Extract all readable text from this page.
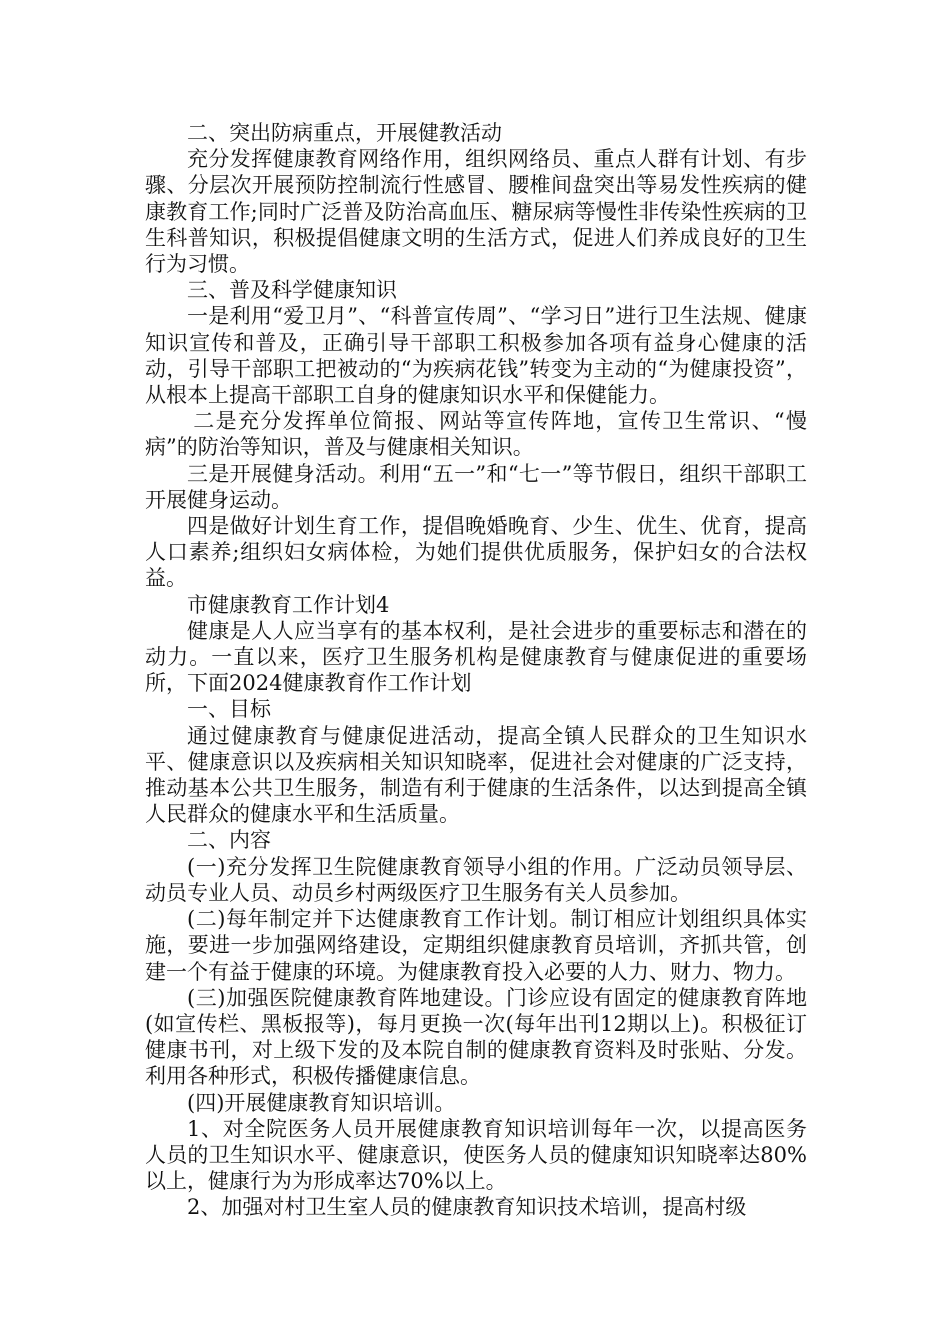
二、突出防病重点，开展健教活动

充分发挥健康教育网络作用，组织网络员、重点人群有计划、有步骤、分层次开展预防控制流行性感冒、腰椎间盘突出等易发性疾病的健康教育工作;同时广泛普及防治高血压、糖尿病等慢性非传染性疾病的卫生科普知识，积极提倡健康文明的生活方式，促进人们养成良好的卫生行为习惯。

三、普及科学健康知识

一是利用“爱卫月”、“科普宣传周”、“学习日”进行卫生法规、健康知识宣传和普及，正确引导干部职工积极参加各项有益身心健康的活动，引导干部职工把被动的“为疾病花钱”转变为主动的“为健康投资”，从根本上提高干部职工自身的健康知识水平和保健能力。

二是充分发挥单位简报、网站等宣传阵地，宣传卫生常识、“慢病”的防治等知识，普及与健康相关知识。

三是开展健身活动。利用“五一”和“七一”等节假日，组织干部职工开展健身运动。

四是做好计划生育工作，提倡晚婚晚育、少生、优生、优育，提高人口素养;组织妇女病体检，为她们提供优质服务，保护妇女的合法权益。

市健康教育工作计划4

健康是人人应当享有的基本权利，是社会进步的重要标志和潜在的动力。一直以来，医疗卫生服务机构是健康教育与健康促进的重要场所，下面2024健康教育作工作计划

一、目标

通过健康教育与健康促进活动，提高全镇人民群众的卫生知识水平、健康意识以及疾病相关知识知晓率，促进社会对健康的广泛支持，推动基本公共卫生服务，制造有利于健康的生活条件，以达到提高全镇人民群众的健康水平和生活质量。

二、内容

(一)充分发挥卫生院健康教育领导小组的作用。广泛动员领导层、动员专业人员、动员乡村两级医疗卫生服务有关人员参加。

(二)每年制定并下达健康教育工作计划。制订相应计划组织具体实施，要进一步加强网络建设，定期组织健康教育员培训，齐抓共管，创建一个有益于健康的环境。为健康教育投入必要的人力、财力、物力。

(三)加强医院健康教育阵地建设。门诊应设有固定的健康教育阵地(如宣传栏、黑板报等)，每月更换一次(每年出刊12期以上)。积极征订健康书刊，对上级下发的及本院自制的健康教育资料及时张贴、分发。利用各种形式，积极传播健康信息。

(四)开展健康教育知识培训。

1、对全院医务人员开展健康教育知识培训每年一次，以提高医务人员的卫生知识水平、健康意识，使医务人员的健康知识知晓率达80%以上，健康行为为形成率达70%以上。

2、加强对村卫生室人员的健康教育知识技术培训，提高村级
